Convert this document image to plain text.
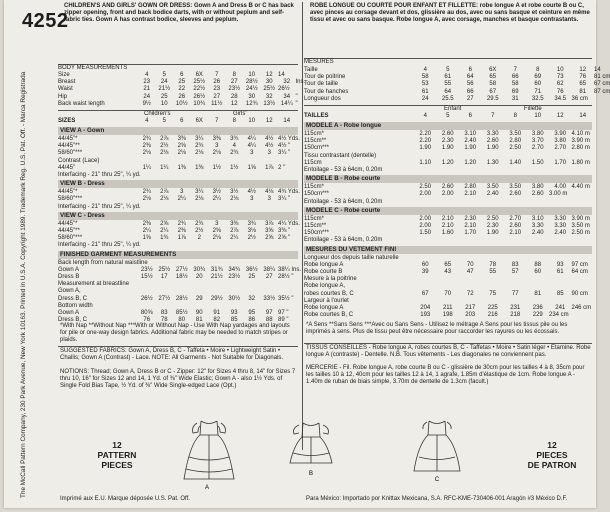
The McCall Pattern Company, 230 Park Avenue, New York 10163. Printed in U.S.A. Copyright 1989. Trademark Reg. U.S. Pat. Off. - Marca Registrada
4252
CHILDREN'S AND GIRLS' GOWN OR DRESS: Gown A and Dress B or C has back zipper opening, front and back bodice darts, with or without peplum and self-fabric ties. Gown A has contrast bodice, sleeves and peplum.
ROBE LONGUE OU COURTE POUR ENFANT ET FILLETTE: robe longue A et robe courte B ou C, avec pinces au corsage devant et dos, glissière au dos, avec ou sans basque et ceinture en même tissu et avec ou sans basque. Robe longue A, avec corsage, manches et basque contrastants.
BODY MEASUREMENTS
Size	4	5	6	6X	7	8	10	12 14
Breast	23	24	25	25½	26	27	28½	30	32 Ins.
Waist	21	21½	22	22½	23	23½ 24½ 25½ 26½
Hip	24	25	26	26½	27	28	30	32	34 "
Back waist length	9½	10	10½ 10¾	11½	12	12¾ 13½ 14¼ "
Children's	Girls'
SIZES	4	5	6	6X	7	8	10	12	14
VIEW A - Gown
44/45"*	2¾	2⅞	3⅜	3¼	3⅜	3¾	4¼	4½ 4½ Yds.
44/45"**	2⅜	2½	2⅝	2¾	3	4	4¼	4½ 4½ "
58/60"***	2⅛	2⅛	2⅛	2⅛	2⅛	2¾	3	3	3¼ "
Contrast (Lace)
44/45"	1¼	1¼	1⅜	1⅜	1½	1½	1⅝	1⅞ 2 "
Interfacing - 21" thru 25", ¼ yd.
VIEW B - Dress
44/45"*	2¾	2⅞	3	3¼	3½	3½	4½	4⅛ 4¾ Yds.
58/60"***	2⅛	2⅛	2¼	2⅛	2¼	2⅛	3	3	3¼ "
Interfacing - 21" thru 25", ¼ yd.
VIEW C - Dress
44/45"*	2⅜	2⅝	2¾	2¾	3	3⅜	3¾	3⅞ 4¼ Yds.
44/45"**	2¼	2¼	2⅜	2½	2⅝	2⅞	3⅛	3⅝ 3⅜ "
58/60"***	1⅝	1¾	1⅞	2	2⅛	2¼	2½	2⅝ 2⅝ "
Interfacing - 21" thru 25", ¼ yd.
FINISHED GARMENT MEASUREMENTS
Back length from natural waistline
Gown A	23½ 25½ 27½ 30¾ 31¾ 34¾ 36½ 38¼ 38¼ Ins.
Dress B	15½	17	18½	20	21½ 23½	25	27 28½ "
Measurement at breastline
Gown A,
Dress B, C	26½ 27½ 28½	29	29½ 30½	32	33½ 35½ "
Bottom width
Gown A	80⅝	83	85½	90	91	93	95	97 97 "
Dress B, C	76	78	80	81	82	85	86	88 89 "
MESURES
Taille	4	5	6	6X	7	8	10	12	14
Tour de poitrine	58	61	64	65	66	69	73	76	81 cm
Tour de taille	53	55	56	58	58	60	62	65	67 cm
Tour de hanches	61	64	66	67	69	71	76	81	87 cm
Longueur dos	24	25.5	27	29.5	31	32.5	34.5 36 cm
Enfant	Fillette
TAILLES	4	5	6	7	8	10	12	14
MODELE A - Robe longue
115cm*	2.20	2.60	3.10	3.30	3.50	3.80	3.90 4.10 m
115cm**	2.20	2.30	2.40	2.60	2.80	3.70	3.80 3.90 m
150cm***	1.90	1.90	1.90	1.90	2.50	2.70	2.70 2.80 m
Tissu contrastant (dentelle)
115cm	1.10	1.20	1.20	1.30	1.40	1.50	1.70 1.80 m
Entoilage - 53 à 64cm, 0.20m
MODELE B - Robe courte
115cm*	2.50	2.60	2.80	3.50	3.50	3.80	4.00 4.40 m
150cm***	2.00	2.00	2.10	2.40	2.60	2.60 3.00 m
Entoilage - 53 à 64cm, 0.20m
MODELE C - Robe courte
115cm*	2.00	2.10	2.30	2.50	2.70	3.10	3.30 3.90 m
115cm**	2.00	2.10	2.10	2.30	2.60	3.30	3.30 3.50 m
150cm***	1.50	1.60	1.70	1.90	2.10	2.40	2.40 2.50 m
Entoilage - 53 à 64cm, 0.20m
MESURES DU VETEMENT FINI
Longueur dos depuis taille naturelle
Robe longue A	60	65	70	78	83	88	93	97 cm
Robe courte B	39	43	47	55	57	60	61	64 cm
Mesure à la poitrine
Robe longue A,
robes courtes B, C	67	70	72	75	77	81	85	90 cm
Largeur à l'ourlet
Robe longue A	204	211	217	225	231	236	241	246 cm
Robe courtes B, C	193	198	203	216	218	229	234 cm
*With Nap **Without Nap ***With or Without Nap - Use With Nap yardages and layouts for pile or one-way design fabrics. Additional fabric may be needed to match stripes or plaids.
SUGGESTED FABRICS: Gown A, Dress B, C - Taffeta • Moire • Lightweight Satin • Challis; Gown A (Contrast) - Lace. NOTE: All Garments - Not Suitable for Diagonals.
NOTIONS: Thread; Gown A, Dress B or C - Zipper: 12" for Sizes 4 thru 8, 14" for Sizes 7 thru 10, 16" for Sizes 12 and 14, 1 Yd. of ⅜" Wide Elastic; Gown A - also 1½ Yds. of Single Fold Bias Tape, ½ Yd. of ⅜" Wide Single-edged Lace (Opt.)
*A Sens **Sans Sens ***Avec ou Sans Sens - Utilisez le métrage A Sens pour les tissus pile ou les imprimés à sens. Plus de tissu peut être nécessaire pour raccorder les rayures ou les écossais.
TISSUS CONSEILLES - Robe longue A, robes courtes B, C - Taffetas • Moire • Satin léger • Etamine. Robe longue A (contraste) - Dentelle. N.B. Tous vêtements - Les diagonales ne conviennent pas.
MERCERIE - Fil. Robe longue A, robe courte B ou C - glissière de 30cm pour les tailles 4 à 8, 35cm pour les tailles 10 à 12, 40cm pour les tailles 12 à 14, 1 agrafe, 1.85m d'élastique de 1cm. Robe longue A - 1.40m de ruban de biais simple, 3.70m de dentelle de 1.3cm (facult.)
12
PATTERN
PIECES
12
PIECES
DE PATRON
A
B
C
Imprimé aux E.U. Marque déposée U.S. Pat. Off.	Para México: Importado por Knittax Mexicana, S.A. RFC-KME-730406-001 Aragón #3 México D.F.
